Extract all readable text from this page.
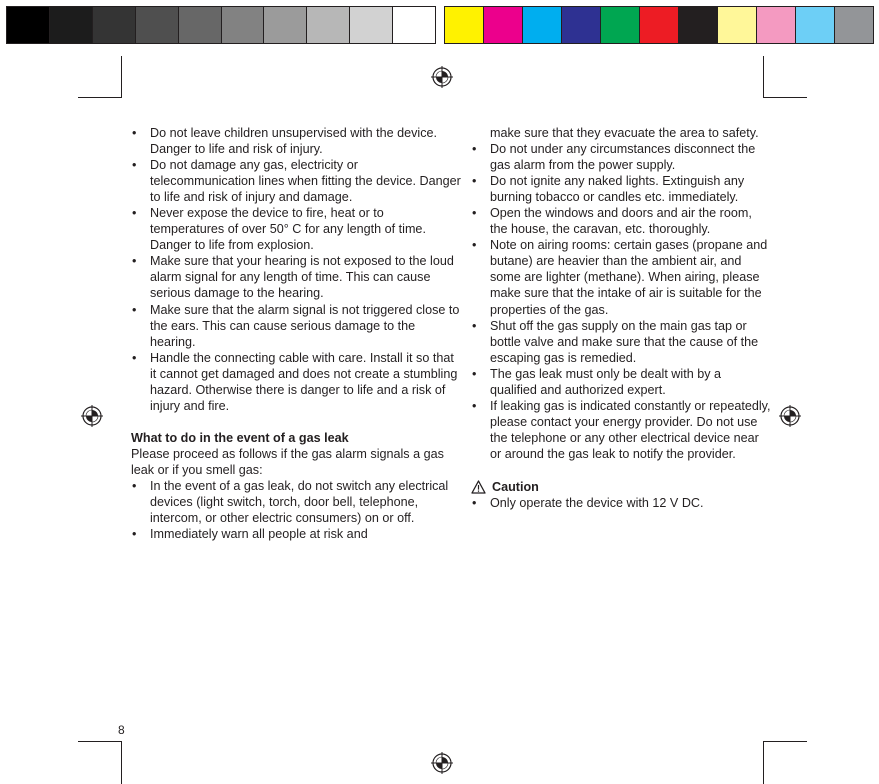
• Do not leave children unsupervised with the device. Danger to life and risk of injury.
• Do not damage any gas, electricity or telecommunication lines when fitting the device. Danger to life and risk of injury and damage.
• Never expose the device to fire, heat or to temperatures of over 50° C for any length of time. Danger to life from explosion.
• Make sure that your hearing is not exposed to the loud alarm signal for any length of time. This can cause serious damage to the hearing.
• Make sure that the alarm signal is not triggered close to the ears. This can cause serious damage to the hearing.
• Handle the connecting cable with care. Install it so that it cannot get damaged and does not create a stumbling hazard. Otherwise there is danger to life and a risk of injury and fire.

What to do in the event of a gas leak

Please proceed as follows if the gas alarm signals a gas leak or if you smell gas:

• In the event of a gas leak, do not switch any electrical devices (light switch, torch, door bell, telephone, intercom, or other electric consumers) on or off.
• Immediately warn all people at risk and

make sure that they evacuate the area to safety.

• Do not under any circumstances disconnect the gas alarm from the power supply.
• Do not ignite any naked lights. Extinguish any burning tobacco or candles etc. immediately.
• Open the windows and doors and air the room, the house, the caravan, etc. thoroughly.
• Note on airing rooms: certain gases (propane and butane) are heavier than the ambient air, and some are lighter (methane). When airing, please make sure that the intake of air is suitable for the properties of the gas.
• Shut off the gas supply on the main gas tap or bottle valve and make sure that the cause of the escaping gas is remedied.
• The gas leak must only be dealt with by a qualified and authorized expert.
• If leaking gas is indicated constantly or repeatedly, please contact your energy provider. Do not use the telephone or any other electrical device near or around the gas leak to notify the provider.
Caution
• Only operate the device with 12 V DC.
8
